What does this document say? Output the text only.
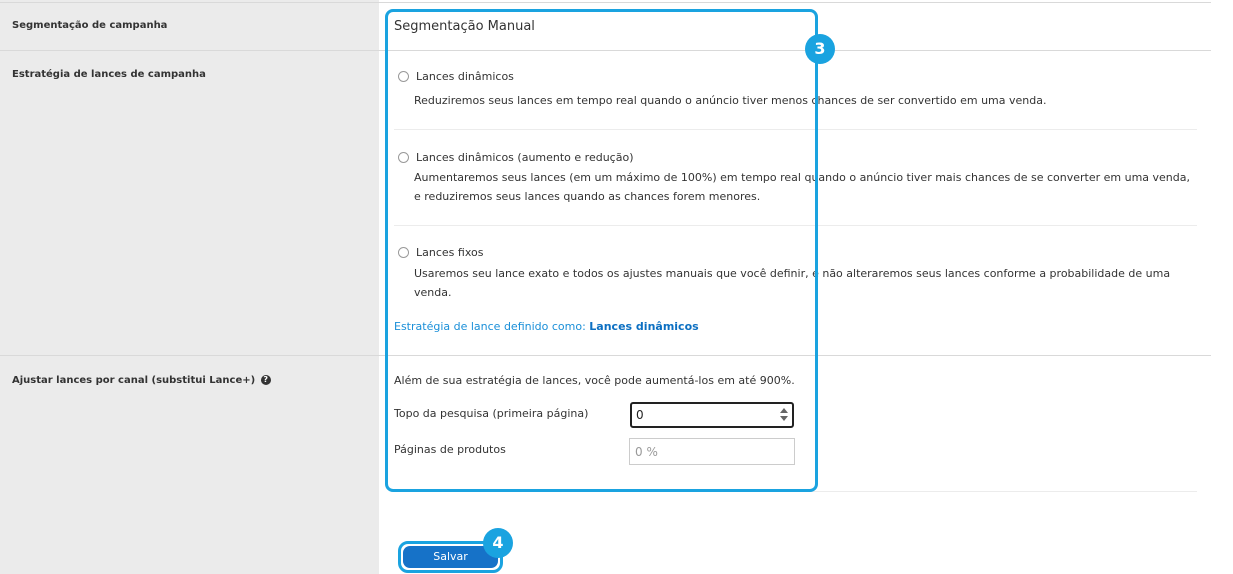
Segmentação de campanha
Estratégia de lances de campanha
Ajustar lances por canal (substitui Lance+) ?
Segmentação Manual
Lances dinâmicos
Reduziremos seus lances em tempo real quando o anúncio tiver menos chances de ser convertido em uma venda.
Lances dinâmicos (aumento e redução)
Aumentaremos seus lances (em um máximo de 100%) em tempo real quando o anúncio tiver mais chances de se converter em uma venda, e reduziremos seus lances quando as chances forem menores.
Lances fixos
Usaremos seu lance exato e todos os ajustes manuais que você definir, e não alteraremos seus lances conforme a probabilidade de uma venda.
Estratégia de lance definido como: Lances dinâmicos
Além de sua estratégia de lances, você pode aumentá-los em até 900%.
Topo da pesquisa (primeira página)	0
Páginas de produtos	0 %
3
Salvar
4
